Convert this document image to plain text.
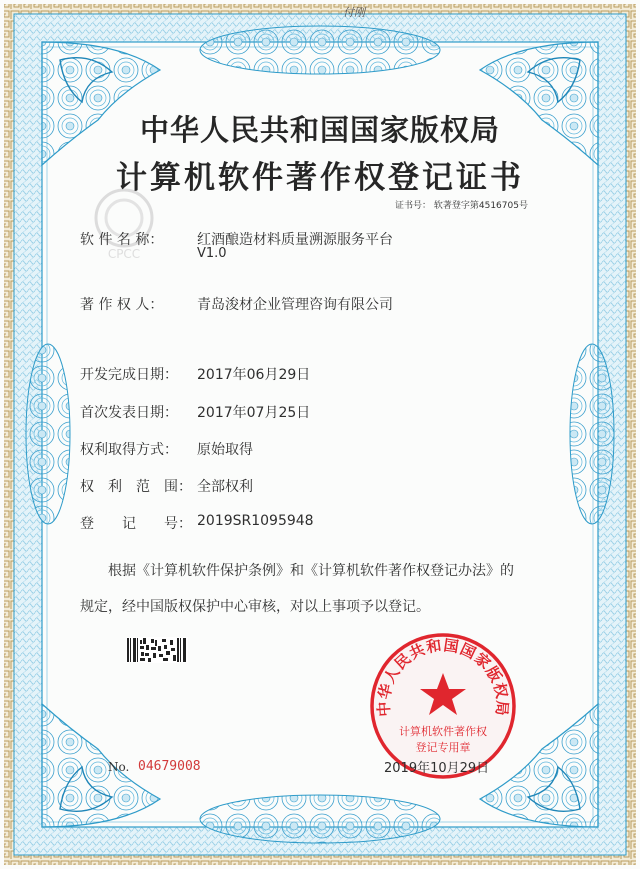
CPCC
付刚
中华人民共和国国家版权局
计算机软件著作权登记证书
证书号： 软著登字第4516705号
软 件 名 称： 红酒酿造材料质量溯源服务平台
V1.0
著 作 权 人： 青岛浚材企业管理咨询有限公司
开发完成日期： 2017年06月29日
首次发表日期： 2017年07月25日
权利取得方式： 原始取得
权　利　范　围： 全部权利
登　　记　　号： 2019SR1095948
根据《计算机软件保护条例》和《计算机软件著作权登记办法》的
规定，经中国版权保护中心审核，对以上事项予以登记。
No. 04679008
中华人民共和国国家版权局
计算机软件著作权
登记专用章
2019年10月29日
